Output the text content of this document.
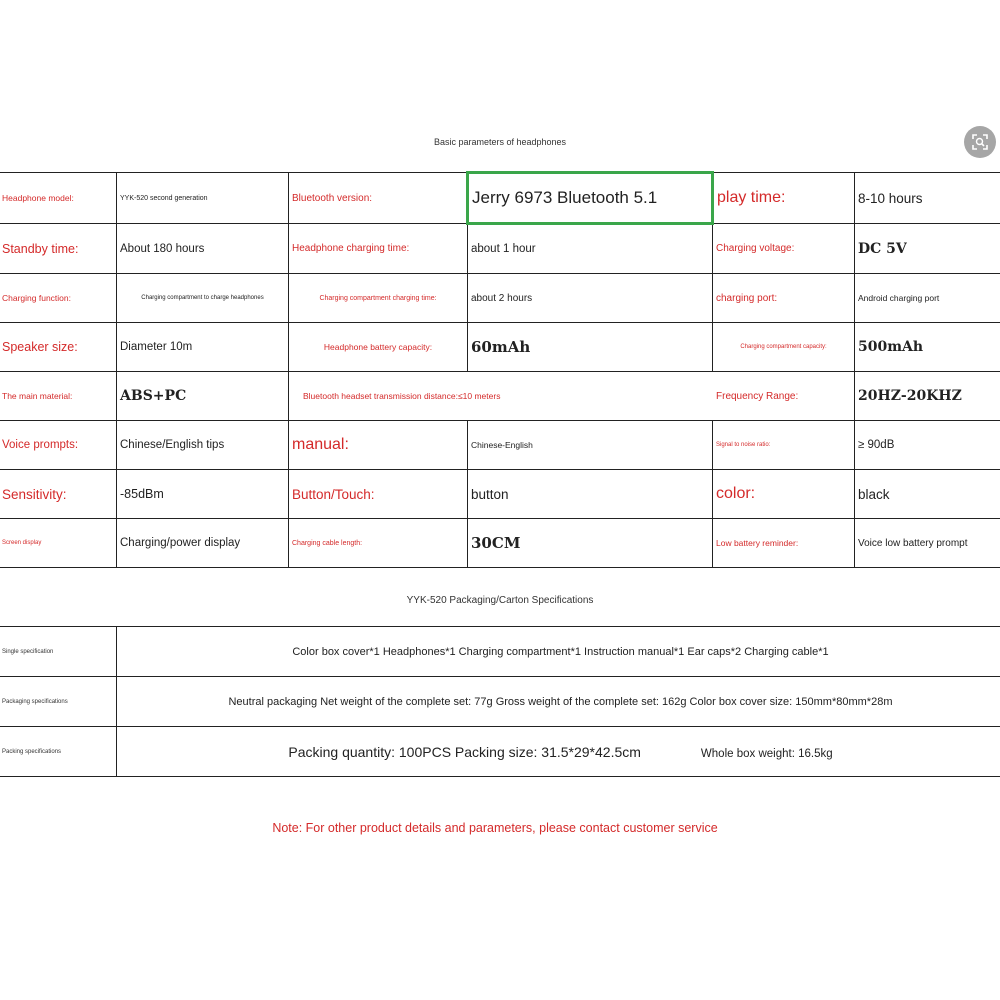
Basic parameters of headphones
Headphone model:	YYK-520 second generation	Bluetooth version:	Jerry 6973 Bluetooth 5.1	play time:	8-10 hours
Standby time:	About 180 hours	Headphone charging time:	about 1 hour	Charging voltage:	DC 5V
Charging function:	Charging compartment to charge headphones	Charging compartment charging time:	about 2 hours	charging port:	Android charging port
Speaker size:	Diameter 10m	Headphone battery capacity:	60mAh	Charging compartment capacity:	500mAh
The main material:	ABS+PC	Bluetooth headset transmission distance:≤10 meters		Frequency Range:	20HZ-20KHZ
Voice prompts:	Chinese/English tips	manual:	Chinese-English	Signal to noise ratio:	≥ 90dB
Sensitivity:	-85dBm	Button/Touch:	button	color:	black
Screen display	Charging/power display	Charging cable length:	30CM	Low battery reminder:	Voice low battery prompt
YYK-520 Packaging/Carton Specifications
Single specification	Color box cover*1 Headphones*1 Charging compartment*1 Instruction manual*1 Ear caps*2 Charging cable*1
Packaging specifications	Neutral packaging Net weight of the complete set: 77g Gross weight of the complete set: 162g Color box cover size: 150mm*80mm*28m
Packing specifications	Packing quantity: 100PCS Packing size: 31.5*29*42.5cm Whole box weight: 16.5kg
Note: For other product details and parameters, please contact customer service
